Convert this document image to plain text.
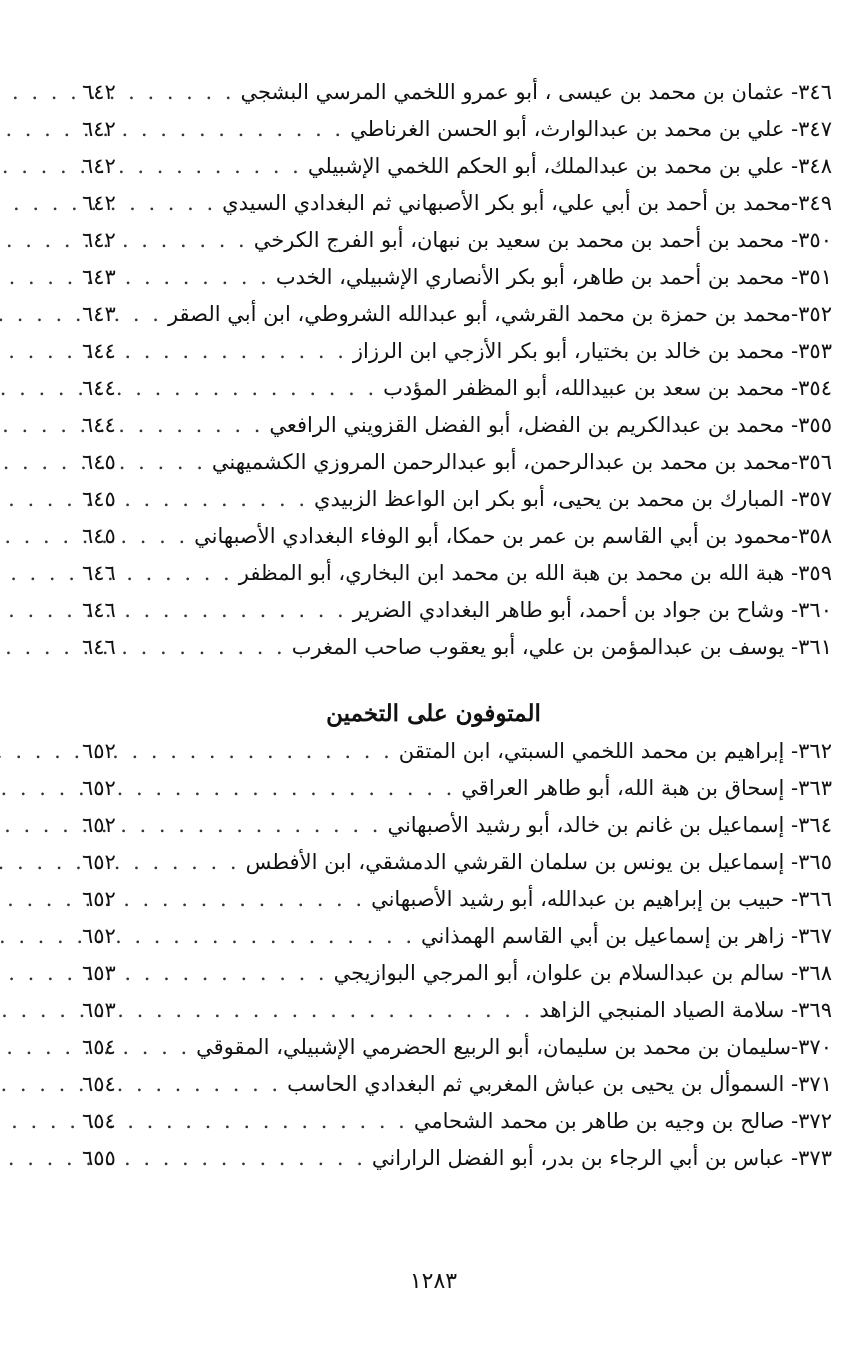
٣٤٦- عثمان بن محمد بن عيسى ، أبو عمرو اللخمي المرسي البشجي
. . .
٦٤٢
٣٤٧- علي بن محمد بن عبدالوارث، أبو الحسن الغرناطي
. . .
٦٤٢
٣٤٨- علي بن محمد بن عبدالملك، أبو الحكم اللخمي الإشبيلي
. . .
٦٤٢
٣٤٩-محمد بن أحمد بن أبي علي، أبو بكر الأصبهاني ثم البغدادي السيدي
. . .
٦٤٢
٣٥٠- محمد بن أحمد بن محمد بن سعيد بن نبهان، أبو الفرج الكرخي
. . .
٦٤٢
٣٥١- محمد بن أحمد بن طاهر، أبو بكر الأنصاري الإشبيلي، الخدب
. . .
٦٤٣
٣٥٢-محمد بن حمزة بن محمد القرشي، أبو عبدالله الشروطي، ابن أبي الصقر
. . .
٦٤٣
٣٥٣- محمد بن خالد بن بختيار، أبو بكر الأزجي ابن الرزاز
. . .
٦٤٤
٣٥٤- محمد بن سعد بن عبيدالله، أبو المظفر المؤدب
. . .
٦٤٤
٣٥٥- محمد بن عبدالكريم بن الفضل، أبو الفضل القزويني الرافعي
. . .
٦٤٤
٣٥٦-محمد بن محمد بن عبدالرحمن، أبو عبدالرحمن المروزي الكشميهني
. . .
٦٤٥
٣٥٧- المبارك بن محمد بن يحيى، أبو بكر ابن الواعظ الزبيدي
. . .
٦٤٥
٣٥٨-محمود بن أبي القاسم بن عمر بن حمكا، أبو الوفاء البغدادي الأصبهاني
. . .
٦٤٥
٣٥٩- هبة الله بن محمد بن هبة الله بن محمد ابن البخاري، أبو المظفر
. . .
٦٤٦
٣٦٠- وشاح بن جواد بن أحمد، أبو طاهر البغدادي الضرير
. . .
٦٤٦
٣٦١- يوسف بن عبدالمؤمن بن علي، أبو يعقوب صاحب المغرب
. . .
٦٤٦
المتوفون على التخمين
٣٦٢- إبراهيم بن محمد اللخمي السبتي، ابن المتقن
. . .
٦٥٢
٣٦٣- إسحاق بن هبة الله، أبو طاهر العراقي
. . .
٦٥٢
٣٦٤- إسماعيل بن غانم بن خالد، أبو رشيد الأصبهاني
. . .
٦٥٢
٣٦٥- إسماعيل بن يونس بن سلمان القرشي الدمشقي، ابن الأفطس
. . .
٦٥٢
٣٦٦- حبيب بن إبراهيم بن عبدالله، أبو رشيد الأصبهاني
. . .
٦٥٢
٣٦٧- زاهر بن إسماعيل بن أبي القاسم الهمذاني
. . .
٦٥٢
٣٦٨- سالم بن عبدالسلام بن علوان، أبو المرجي البوازيجي
. . .
٦٥٣
٣٦٩- سلامة الصياد المنبجي الزاهد
. . .
٦٥٣
٣٧٠-سليمان بن محمد بن سليمان، أبو الربيع الحضرمي الإشبيلي، المقوقي
. . .
٦٥٤
٣٧١- السموأل بن يحيى بن عباش المغربي ثم البغدادي الحاسب
. . .
٦٥٤
٣٧٢- صالح بن وجيه بن طاهر بن محمد الشحامي
. . .
٦٥٤
٣٧٣- عباس بن أبي الرجاء بن بدر، أبو الفضل الراراني
. . .
٦٥٥
١٢٨٣
